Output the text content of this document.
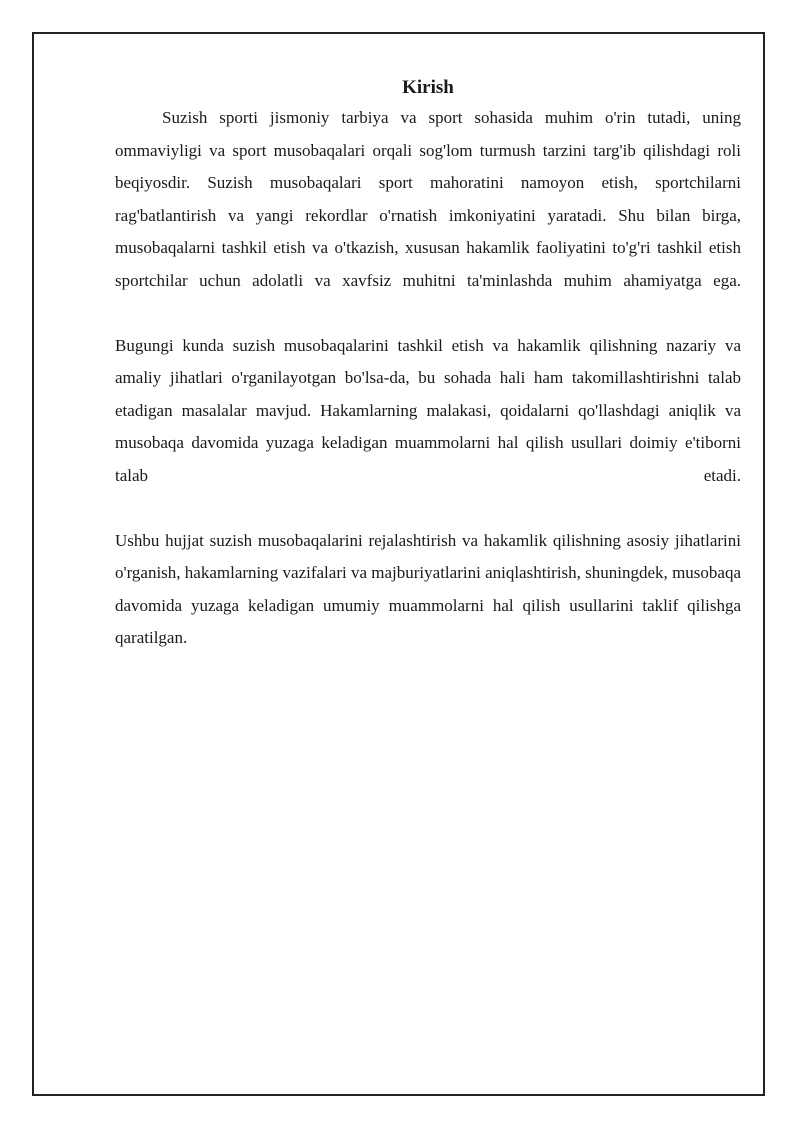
Kirish

Suzish sporti jismoniy tarbiya va sport sohasida muhim o'rin tutadi, uning ommaviyligi va sport musobaqalari orqali sog'lom turmush tarzini targ'ib qilishdagi roli beqiyosdir. Suzish musobaqalari sport mahoratini namoyon etish, sportchilarni rag'batlantirish va yangi rekordlar o'rnatish imkoniyatini yaratadi. Shu bilan birga, musobaqalarni tashkil etish va o'tkazish, xususan hakamlik faoliyatini to'g'ri tashkil etish sportchilar uchun adolatli va xavfsiz muhitni ta'minlashda muhim ahamiyatga ega.

Bugungi kunda suzish musobaqalarini tashkil etish va hakamlik qilishning nazariy va amaliy jihatlari o'rganilayotgan bo'lsa-da, bu sohada hali ham takomillashtirishni talab etadigan masalalar mavjud. Hakamlarning malakasi, qoidalarni qo'llashdagi aniqlik va musobaqa davomida yuzaga keladigan muammolarni hal qilish usullari doimiy e'tiborni talab etadi.

Ushbu hujjat suzish musobaqalarini rejalashtirish va hakamlik qilishning asosiy jihatlarini o'rganish, hakamlarning vazifalari va majburiyatlarini aniqlashtirish, shuningdek, musobaqa davomida yuzaga keladigan umumiy muammolarni hal qilish usullarini taklif qilishga qaratilgan.
